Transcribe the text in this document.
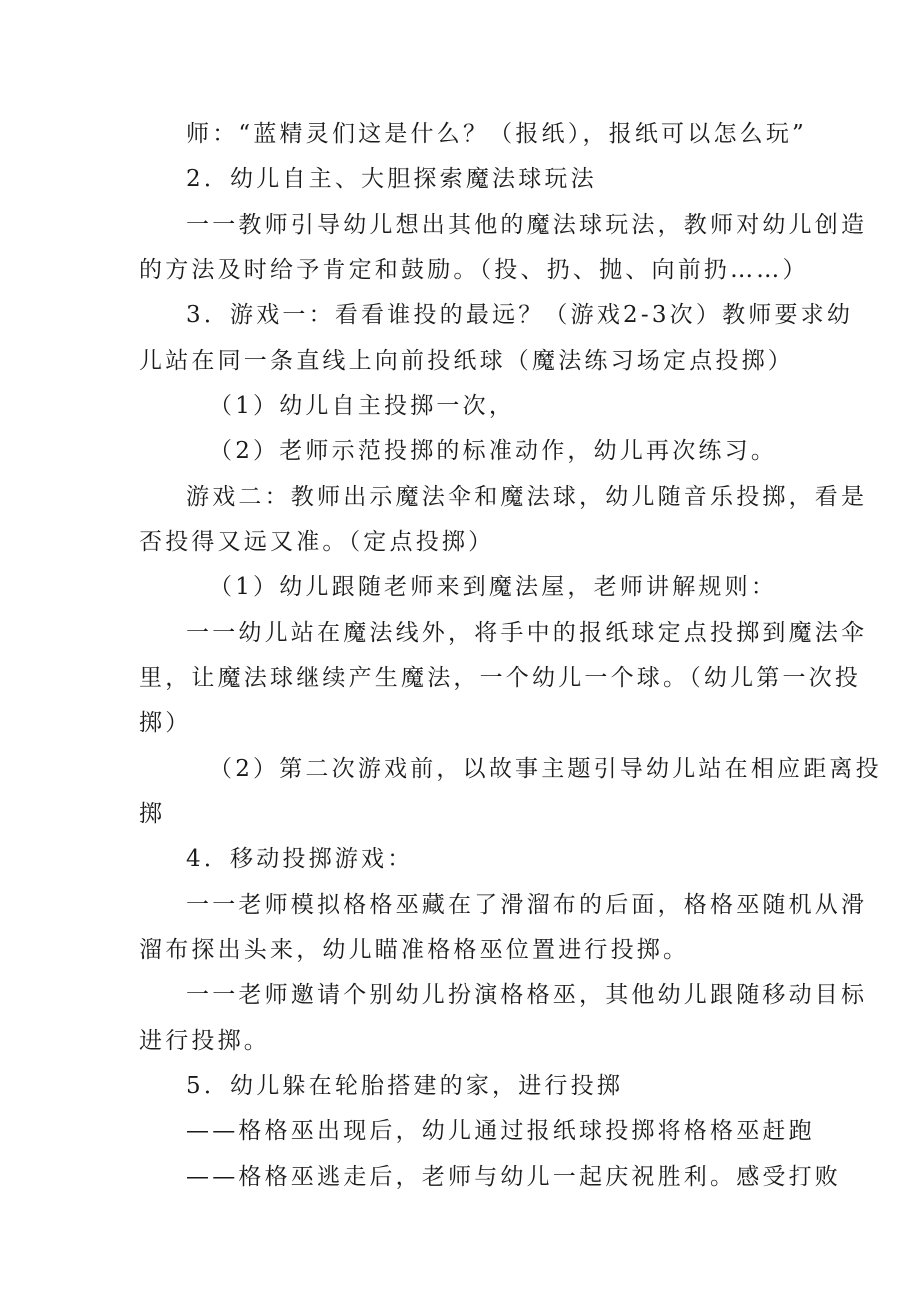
师：“蓝精灵们这是什么？（报纸），报纸可以怎么玩”

2．幼儿自主、大胆探索魔法球玩法

一一教师引导幼儿想出其他的魔法球玩法，教师对幼儿创造

的方法及时给予肯定和鼓励。（投、扔、抛、向前扔……）

3．游戏一：看看谁投的最远？（游戏2-3次）教师要求幼

儿站在同一条直线上向前投纸球（魔法练习场定点投掷）

（1）幼儿自主投掷一次，

（2）老师示范投掷的标准动作，幼儿再次练习。

游戏二：教师出示魔法伞和魔法球，幼儿随音乐投掷，看是

否投得又远又准。（定点投掷）

（1）幼儿跟随老师来到魔法屋，老师讲解规则：

一一幼儿站在魔法线外，将手中的报纸球定点投掷到魔法伞

里，让魔法球继续产生魔法，一个幼儿一个球。（幼儿第一次投

掷）

（2）第二次游戏前，以故事主题引导幼儿站在相应距离投

掷

4．移动投掷游戏：

一一老师模拟格格巫藏在了滑溜布的后面，格格巫随机从滑

溜布探出头来，幼儿瞄准格格巫位置进行投掷。

一一老师邀请个别幼儿扮演格格巫，其他幼儿跟随移动目标

进行投掷。

5．幼儿躲在轮胎搭建的家，进行投掷

——格格巫出现后，幼儿通过报纸球投掷将格格巫赶跑

——格格巫逃走后，老师与幼儿一起庆祝胜利。感受打败
